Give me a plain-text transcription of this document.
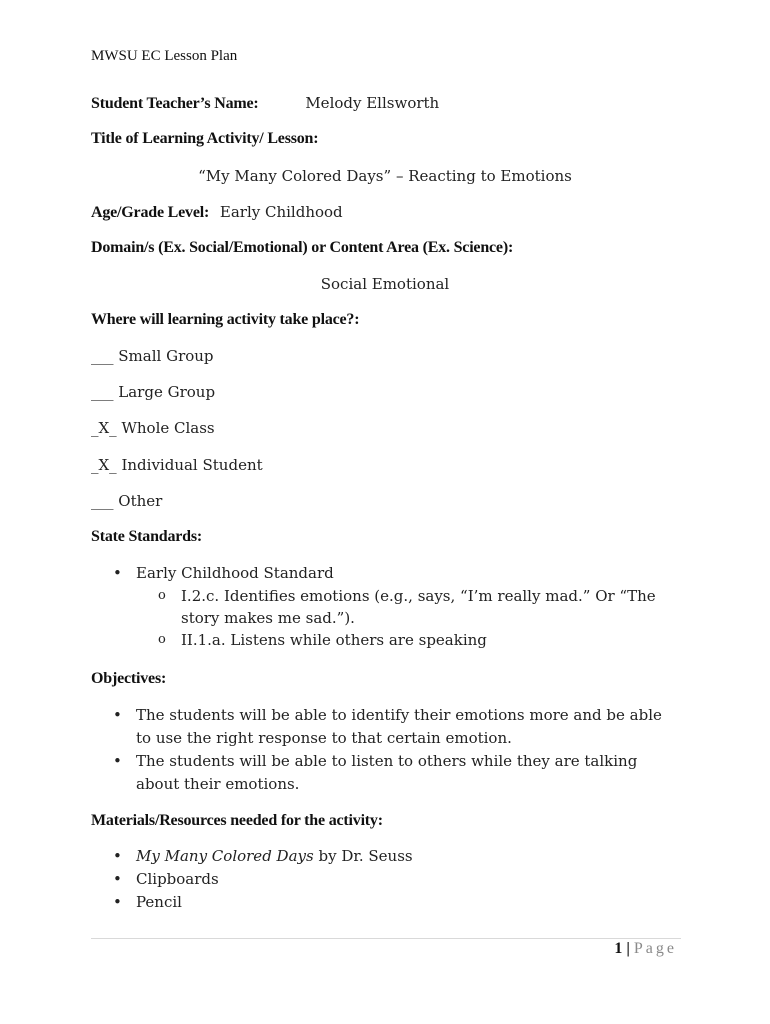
MWSU EC Lesson Plan
Student Teacher’s Name:	Melody Ellsworth
Title of Learning Activity/ Lesson:
“My Many Colored Days” – Reacting to Emotions
Age/Grade Level: Early Childhood
Domain/s (Ex. Social/Emotional) or Content Area (Ex. Science):
Social Emotional
Where will learning activity take place?:
___ Small Group
___ Large Group
_X_ Whole Class
_X_ Individual Student
___ Other
State Standards:
• Early Childhood Standard
o I.2.c. Identifies emotions (e.g., says, “I’m really mad.” Or “The story makes me sad.”).
o II.1.a. Listens while others are speaking
Objectives:
• The students will be able to identify their emotions more and be able to use the right response to that certain emotion.
• The students will be able to listen to others while they are talking about their emotions.
Materials/Resources needed for the activity:
• My Many Colored Days by Dr. Seuss
• Clipboards
• Pencil
1 | Page
